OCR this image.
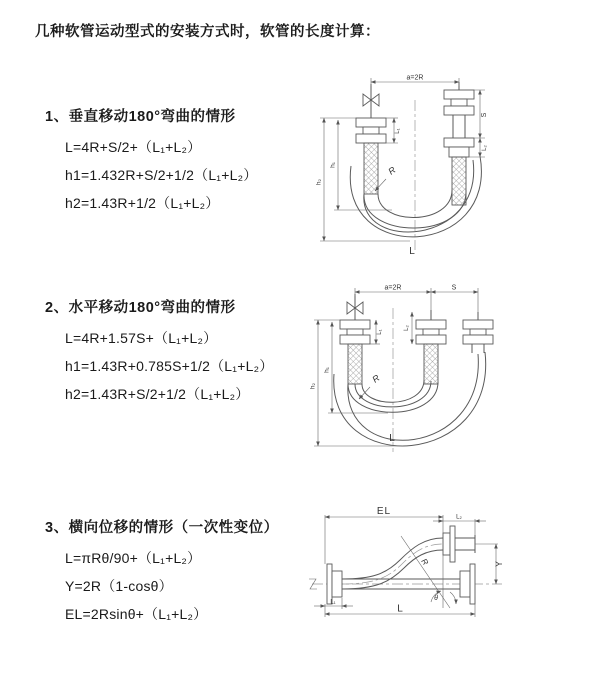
几种软管运动型式的安装方式时，软管的长度计算：
1、垂直移动180°弯曲的情形
L=4R+S/2+（L₁+L₂）
h1=1.432R+S/2+1/2（L₁+L₂）
h2=1.43R+1/2（L₁+L₂）
a=2R
h₂
h₁
L₁
S
L₂
R
L
2、水平移动180°弯曲的情形
L=4R+1.57S+（L₁+L₂）
h1=1.43R+0.785S+1/2（L₁+L₂）
h2=1.43R+S/2+1/2（L₁+L₂）
a=2R	S
h₂
h₁
L₁
L₂
R
L
3、横向位移的情形（一次性变位）
L=πRθ/90+（L₁+L₂）
Y=2R（1-cosθ）
EL=2Rsinθ+（L₁+L₂）
θ
R
EL
L₂
Y
L
L₁
